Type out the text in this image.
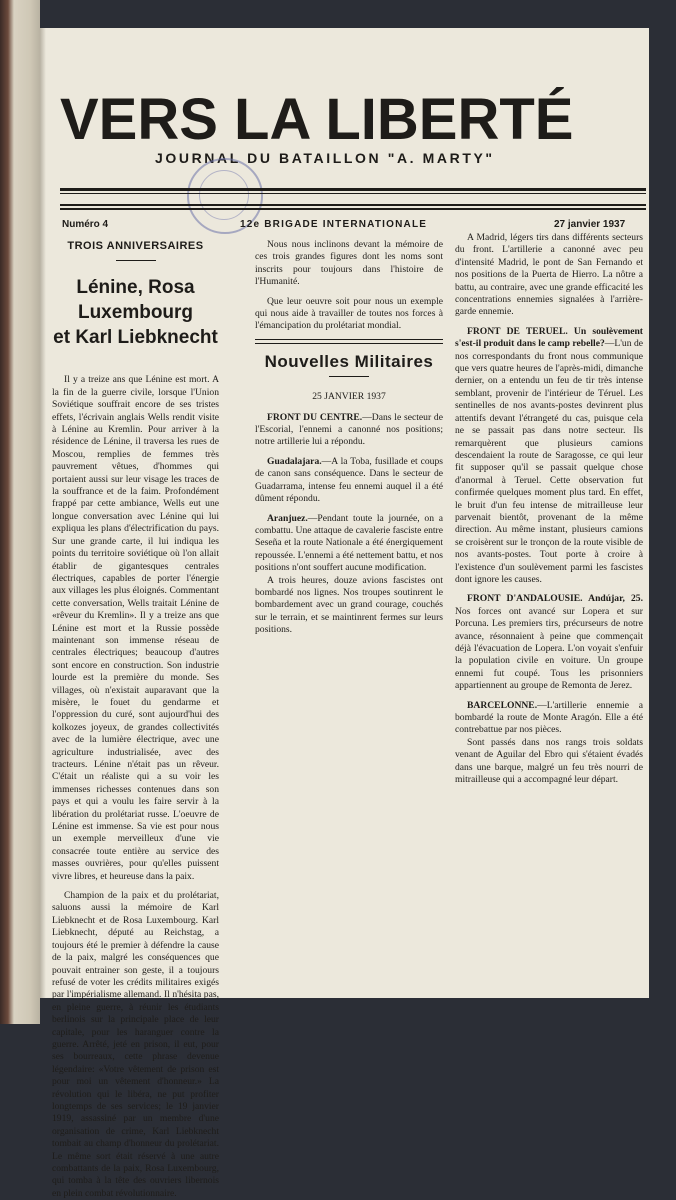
VERS LA LIBERTÉ
JOURNAL DU BATAILLON "A. MARTY"
Numéro 4	12e BRIGADE INTERNATIONALE	27 janvier 1937
TROIS ANNIVERSAIRES
Lénine, Rosa Luxembourg
et Karl Liebknecht

Il y a treize ans que Lénine est mort. A la fin de la guerre civile, lorsque l'Union Soviétique souffrait encore de ses tristes effets, l'écrivain anglais Wells rendit visite à Lénine au Kremlin. Pour arriver à la résidence de Lénine, il traversa les rues de Moscou, remplies de femmes très pauvrement vêtues, d'hommes qui portaient aussi sur leur visage les traces de la souffrance et de la faim. Profondément frappé par cette ambiance, Wells eut une longue conversation avec Lénine qui lui expliqua les plans d'électrification du pays. Sur une grande carte, il lui indiqua les points du territoire soviétique où l'on allait établir de gigantesques centrales électriques, capables de porter l'énergie aux villages les plus éloignés. Commentant cette conversation, Wells traitait Lénine de «rêveur du Kremlin». Il y a treize ans que Lénine est mort et la Russie possède maintenant son immense réseau de centrales électriques; beaucoup d'autres sont encore en construction. Son industrie lourde est la première du monde. Ses villages, où n'existait auparavant que la misère, le fouet du gendarme et l'oppression du curé, sont aujourd'hui des kolkozes joyeux, de grandes collectivités avec de la lumière électrique, avec une agriculture industrialisée, avec des tracteurs. Lénine n'était pas un rêveur. C'était un réaliste qui a su voir les immenses richesses contenues dans son pays et qui a voulu les faire servir à la libération du prolétariat russe. L'oeuvre de Lénine est immense. Sa vie est pour nous un exemple merveilleux d'une vie consacrée toute entière au service des masses ouvrières, pour qu'elles puissent vivre libres, et heureuse dans la paix.

Champion de la paix et du prolétariat, saluons aussi la mémoire de Karl Liebknecht et de Rosa Luxembourg. Karl Liebknecht, député au Reichstag, a toujours été le premier à défendre la cause de la paix, malgré les conséquences que pouvait entrainer son geste, il a toujours refusé de voter les crédits militaires exigés par l'impérialisme allemand. Il n'hésita pas, en pleine guerre, à réunir les étudiants berlinois sur la principale place de leur capitale, pour les haranguer contre la guerre. Arrêté, jeté en prison, il eut, pour ses bourreaux, cette phrase devenue légendaire: «Votre vêtement de prison est pour moi un vêtement d'honneur.» La révolution qui le libéra, ne put profiter longtemps de ses services; le 19 janvier 1919, assassiné par un membre d'une organisation de crime, Karl Liebknecht tombait au champ d'honneur du prolétariat. Le même sort était réservé à une autre combattants de la paix, Rosa Luxembourg, qui tomba à la tête des ouvriers libernois en plein combat révolutionnaire.

Nous nous inclinons devant la mémoire de ces trois grandes figures dont les noms sont inscrits pour toujours dans l'histoire de l'Humanité.

Que leur oeuvre soit pour nous un exemple qui nous aide à travailler de toutes nos forces à l'émancipation du prolétariat mondial.

Nouvelles Militaires
25 JANVIER 1937

FRONT DU CENTRE.—Dans le secteur de l'Escorial, l'ennemi a canonné nos positions; notre artillerie lui a répondu.

Guadalajara.—A la Toba, fusillade et coups de canon sans conséquence. Dans le secteur de Guadarrama, intense feu ennemi auquel il a été dûment répondu.

Aranjuez.—Pendant toute la journée, on a combattu. Une attaque de cavalerie fasciste entre Seseña et la route Nationale a été énergiquement repoussée. L'ennemi a été nettement battu, et nos positions n'ont souffert aucune modification.

A trois heures, douze avions fascistes ont bombardé nos lignes. Nos troupes soutinrent le bombardement avec un grand courage, couchés sur le terrain, et se maintinrent fermes sur leurs positions.

A Madrid, légers tirs dans différents secteurs du front. L'artillerie a canonné avec peu d'intensité Madrid, le pont de San Fernando et nos positions de la Puerta de Hierro. La nôtre a battu, au contraire, avec une grande efficacité les concentrations ennemies signalées à l'arrière-garde ennemie.

FRONT DE TERUEL. Un soulèvement s'est-il produit dans le camp rebelle?—L'un de nos correspondants du front nous communique que vers quatre heures de l'après-midi, dimanche dernier, on a entendu un feu de tir très intense semblant, provenir de l'intérieur de Téruel. Les sentinelles de nos avants-postes devinrent plus attentifs devant l'étrangeté du cas, puisque cela ne se passait pas dans notre secteur. Ils remarquèrent que plusieurs camions descendaient la route de Saragosse, ce qui leur fit supposer qu'il se passait quelque chose d'anormal à Teruel. Cette observation fut confirmée quelques moment plus tard. En effet, le bruit d'un feu intense de mitrailleuse leur parvenait bientôt, provenant de la même direction. Au même instant, plusieurs camions se croisèrent sur le tronçon de la route visible de nos avants-postes. Tout porte à croire à l'existence d'un soulèvement parmi les fascistes dont ignore les causes.

FRONT D'ANDALOUSIE. Andújar, 25. Nos forces ont avancé sur Lopera et sur Porcuna. Les premiers tirs, précurseurs de notre avance, résonnaient à peine que commençait déjà l'évacuation de Lopera. L'on voyait s'enfuir la population civile en voiture. Un groupe ennemi fut coupé. Tous les prisonniers appartiennent au groupe de Remonta de Jerez.

BARCELONNE.—L'artillerie ennemie a bombardé la route de Monte Aragón. Elle a été contrebattue par nos pièces.

Sont passés dans nos rangs trois soldats venant de Aguilar del Ebro qui s'étaient évadés dans une barque, malgré un feu très nourri de mitrailleuse qui a accompagné leur départ.
